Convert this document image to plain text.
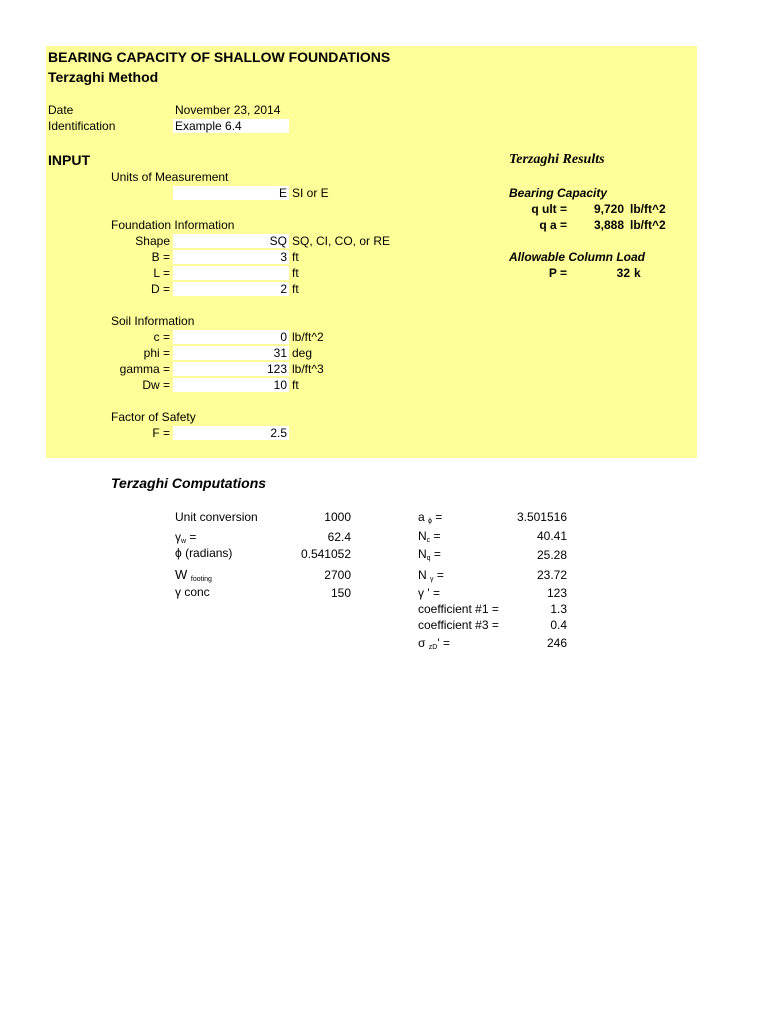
BEARING CAPACITY OF SHALLOW FOUNDATIONS
Terzaghi Method
Date	November 23, 2014
Identification	Example 6.4
INPUT
Units of Measurement
E SI or E
Foundation Information
Shape	SQ SQ, CI, CO, or RE
B =	3 ft
L =	ft
D =	2 ft
Soil Information
c =	0 lb/ft^2
phi =	31 deg
gamma =	123 lb/ft^3
Dw =	10 ft
Factor of Safety
F =	2.5
Terzaghi Results
Bearing Capacity
q ult =	9,720 lb/ft^2
q a =	3,888 lb/ft^2
Allowable Column Load
P =	32 k
Terzaghi Computations
Unit conversion	1000
$\gamma_w$ =	62.4
ϕ (radians)	0.541052
W $_{footing}$	2700
γ conc	150
a $_\phi$ =	3.501516
$N_c$ =	40.41
$N_q$ =	25.28
N $_\gamma$ =	23.72
γ ' =	123
coefficient #1 =	1.3
coefficient #3 =	0.4
σ $_{zD}$' =	246
